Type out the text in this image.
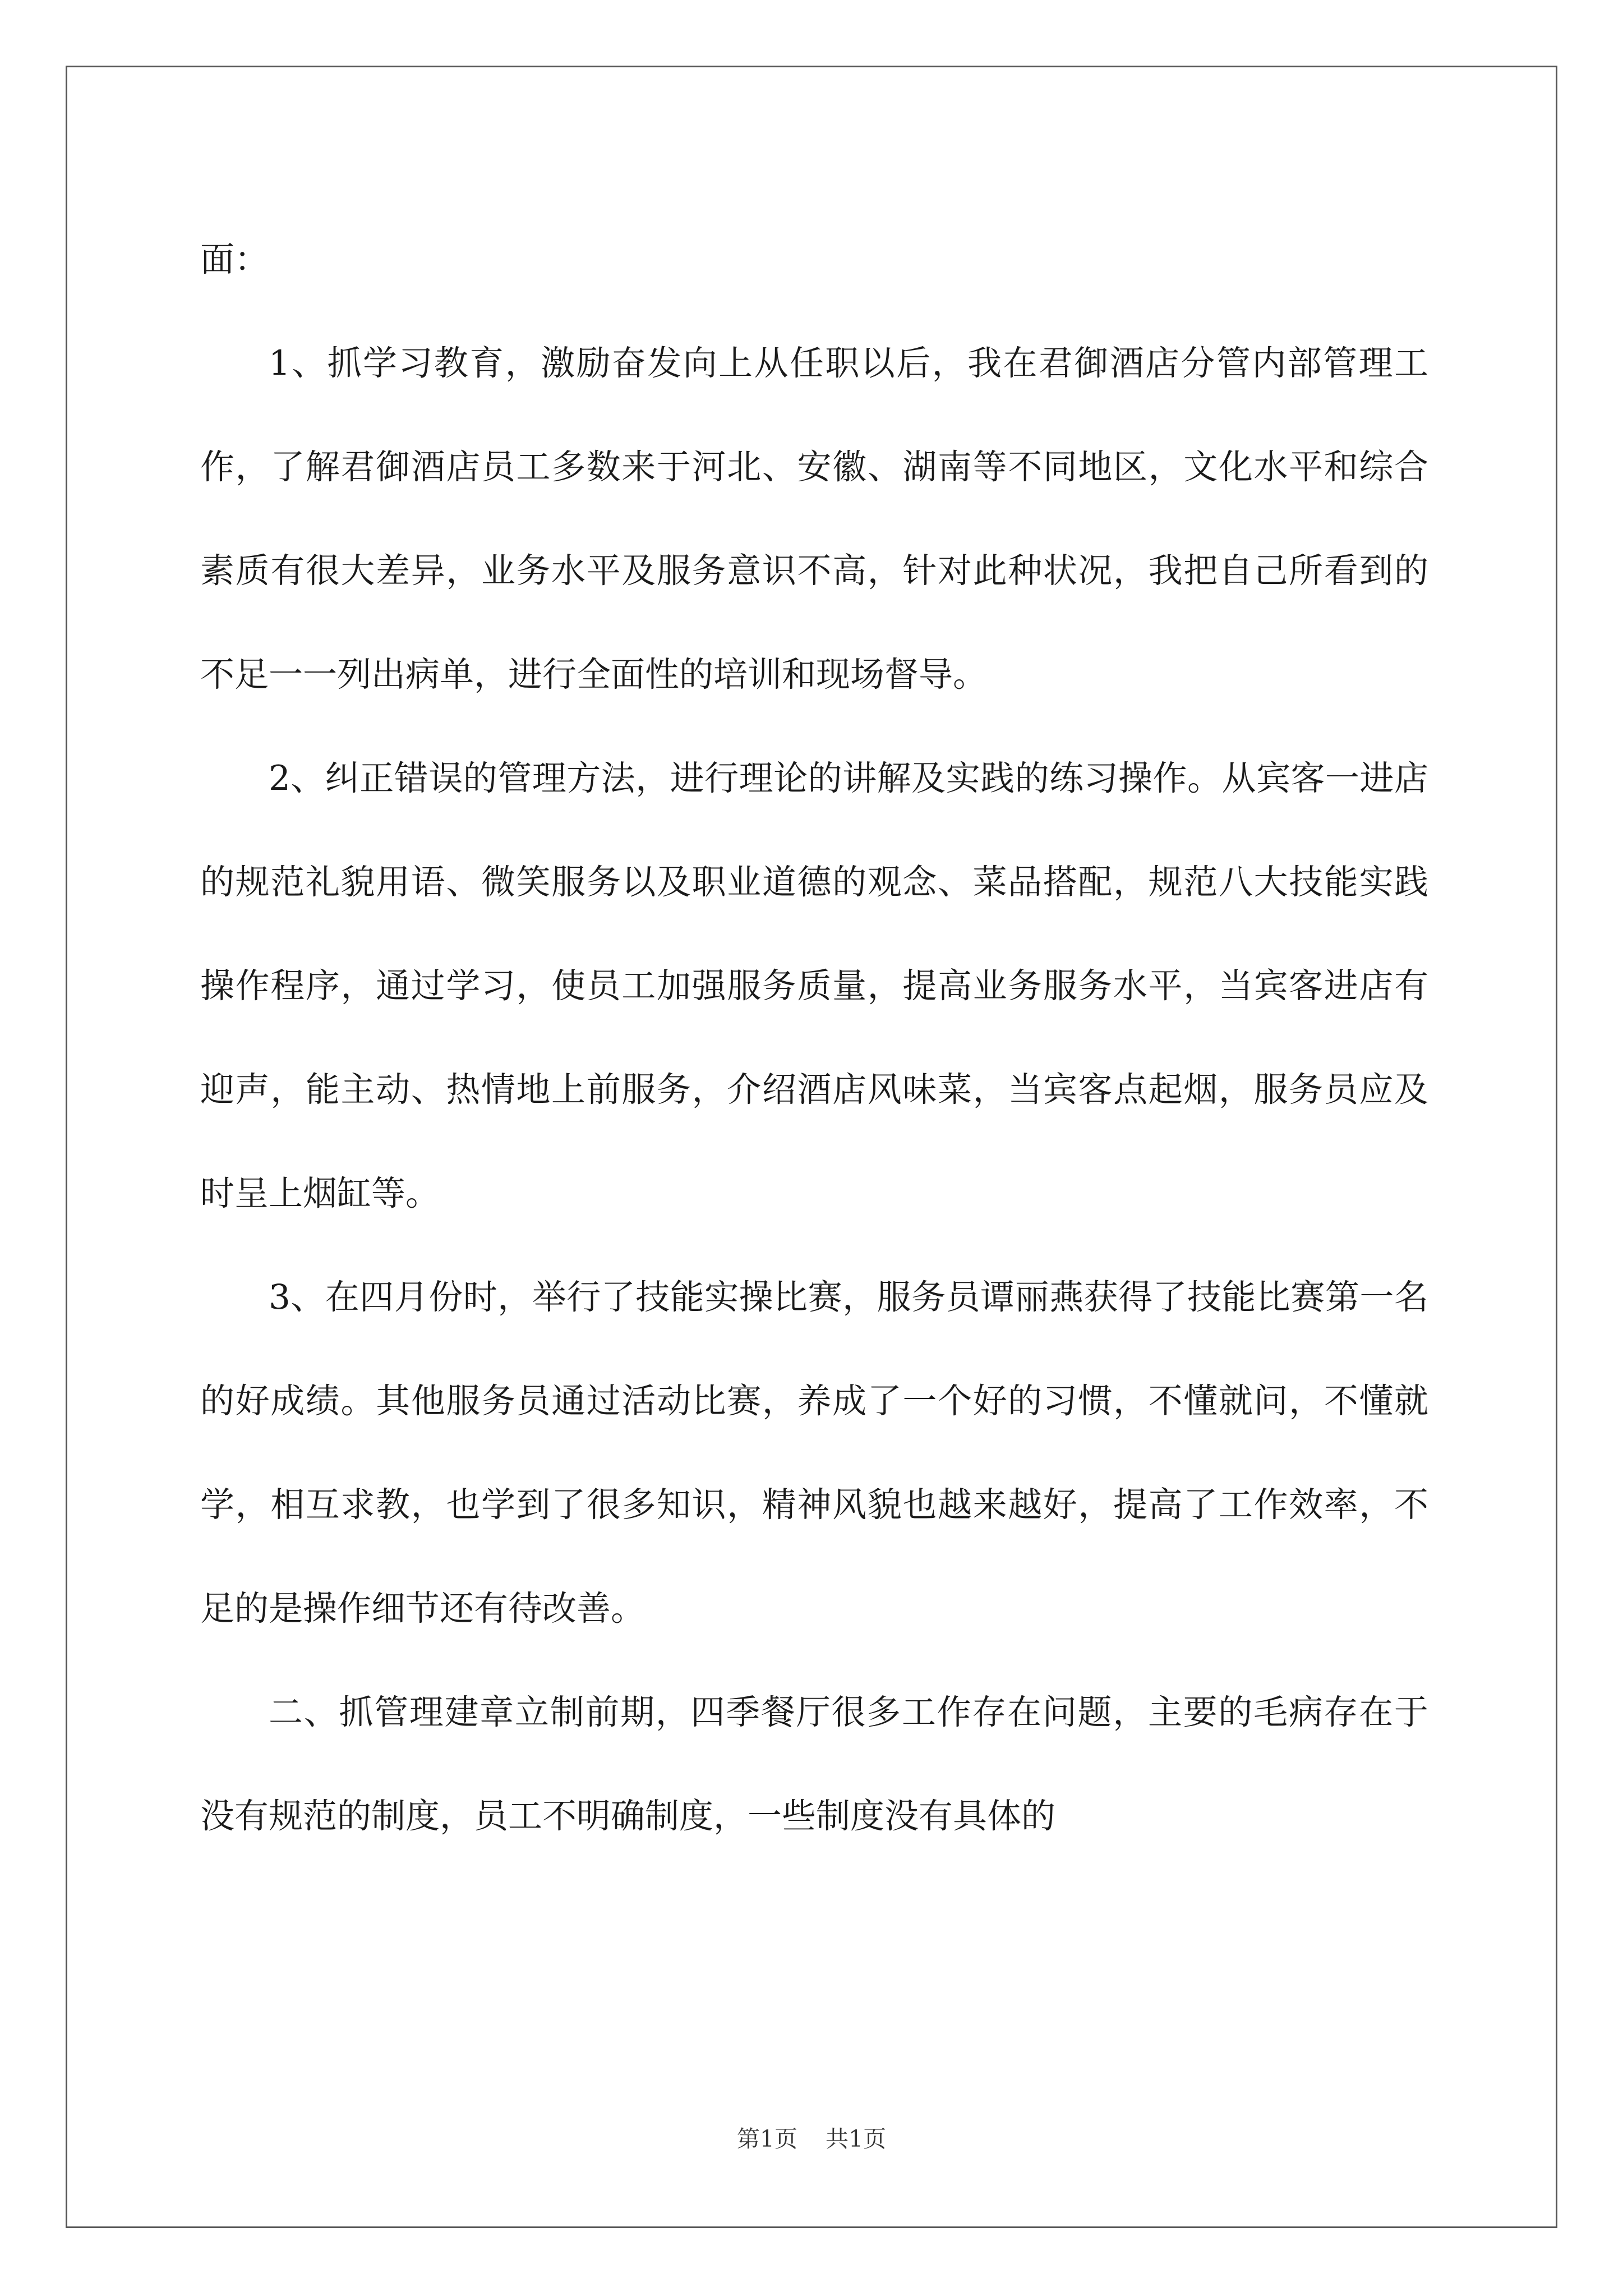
面：

1、抓学习教育，激励奋发向上从任职以后，我在君御酒店分管内部管理工作，了解君御酒店员工多数来于河北、安徽、湖南等不同地区，文化水平和综合素质有很大差异，业务水平及服务意识不高，针对此种状况，我把自己所看到的不足一一列出病单，进行全面性的培训和现场督导。

2、纠正错误的管理方法，进行理论的讲解及实践的练习操作。从宾客一进店的规范礼貌用语、微笑服务以及职业道德的观念、菜品搭配，规范八大技能实践操作程序，通过学习，使员工加强服务质量，提高业务服务水平，当宾客进店有迎声，能主动、热情地上前服务，介绍酒店风味菜，当宾客点起烟，服务员应及时呈上烟缸等。

3、在四月份时，举行了技能实操比赛，服务员谭丽燕获得了技能比赛第一名的好成绩。其他服务员通过活动比赛，养成了一个好的习惯，不懂就问，不懂就学，相互求教，也学到了很多知识，精神风貌也越来越好，提高了工作效率，不足的是操作细节还有待改善。

二、抓管理建章立制前期，四季餐厅很多工作存在问题，主要的毛病存在于没有规范的制度，员工不明确制度，一些制度没有具体的

第1页 共1页
